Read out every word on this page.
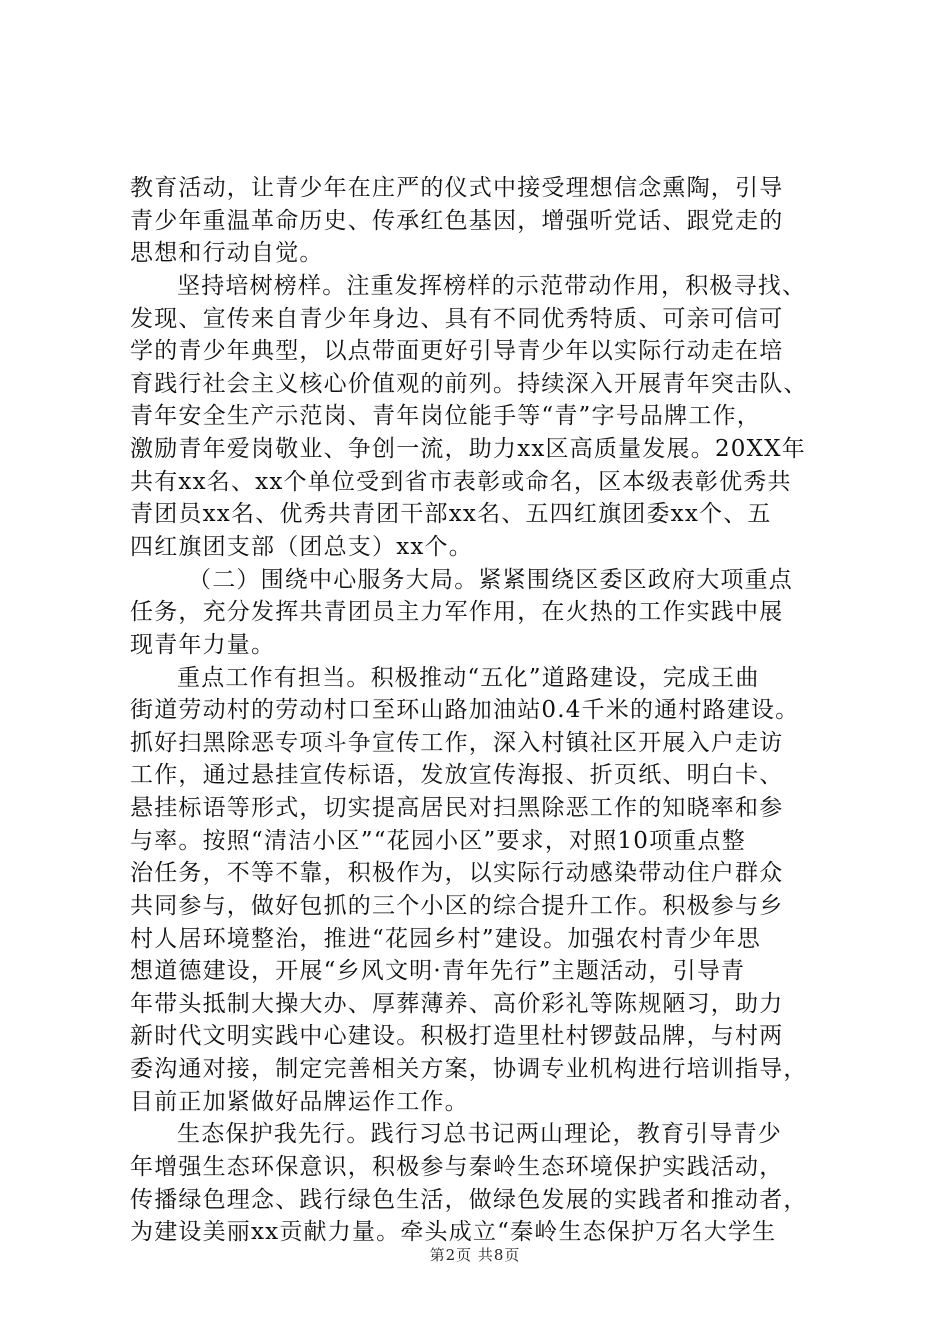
教育活动，让青少年在庄严的仪式中接受理想信念熏陶，引导
青少年重温革命历史、传承红色基因，增强听党话、跟党走的
思想和行动自觉。
坚持培树榜样。注重发挥榜样的示范带动作用，积极寻找、
发现、宣传来自青少年身边、具有不同优秀特质、可亲可信可
学的青少年典型，以点带面更好引导青少年以实际行动走在培
育践行社会主义核心价值观的前列。持续深入开展青年突击队、
青年安全生产示范岗、青年岗位能手等“青”字号品牌工作，
激励青年爱岗敬业、争创一流，助力xx区高质量发展。20XX年
共有xx名、xx个单位受到省市表彰或命名，区本级表彰优秀共
青团员xx名、优秀共青团干部xx名、五四红旗团委xx个、五
四红旗团支部（团总支）xx个。
（二）围绕中心服务大局。紧紧围绕区委区政府大项重点
任务，充分发挥共青团员主力军作用，在火热的工作实践中展
现青年力量。
重点工作有担当。积极推动“五化”道路建设，完成王曲
街道劳动村的劳动村口至环山路加油站0.4千米的通村路建设。
抓好扫黑除恶专项斗争宣传工作，深入村镇社区开展入户走访
工作，通过悬挂宣传标语，发放宣传海报、折页纸、明白卡、
悬挂标语等形式，切实提高居民对扫黑除恶工作的知晓率和参
与率。按照“清洁小区”“花园小区”要求，对照10项重点整
治任务，不等不靠，积极作为，以实际行动感染带动住户群众
共同参与，做好包抓的三个小区的综合提升工作。积极参与乡
村人居环境整治，推进“花园乡村”建设。加强农村青少年思
想道德建设，开展“乡风文明·青年先行”主题活动，引导青
年带头抵制大操大办、厚葬薄养、高价彩礼等陈规陋习，助力
新时代文明实践中心建设。积极打造里杜村锣鼓品牌，与村两
委沟通对接，制定完善相关方案，协调专业机构进行培训指导，
目前正加紧做好品牌运作工作。
生态保护我先行。践行习总书记两山理论，教育引导青少
年增强生态环保意识，积极参与秦岭生态环境保护实践活动，
传播绿色理念、践行绿色生活，做绿色发展的实践者和推动者，
为建设美丽xx贡献力量。牵头成立“秦岭生态保护万名大学生
第2页 共8页
